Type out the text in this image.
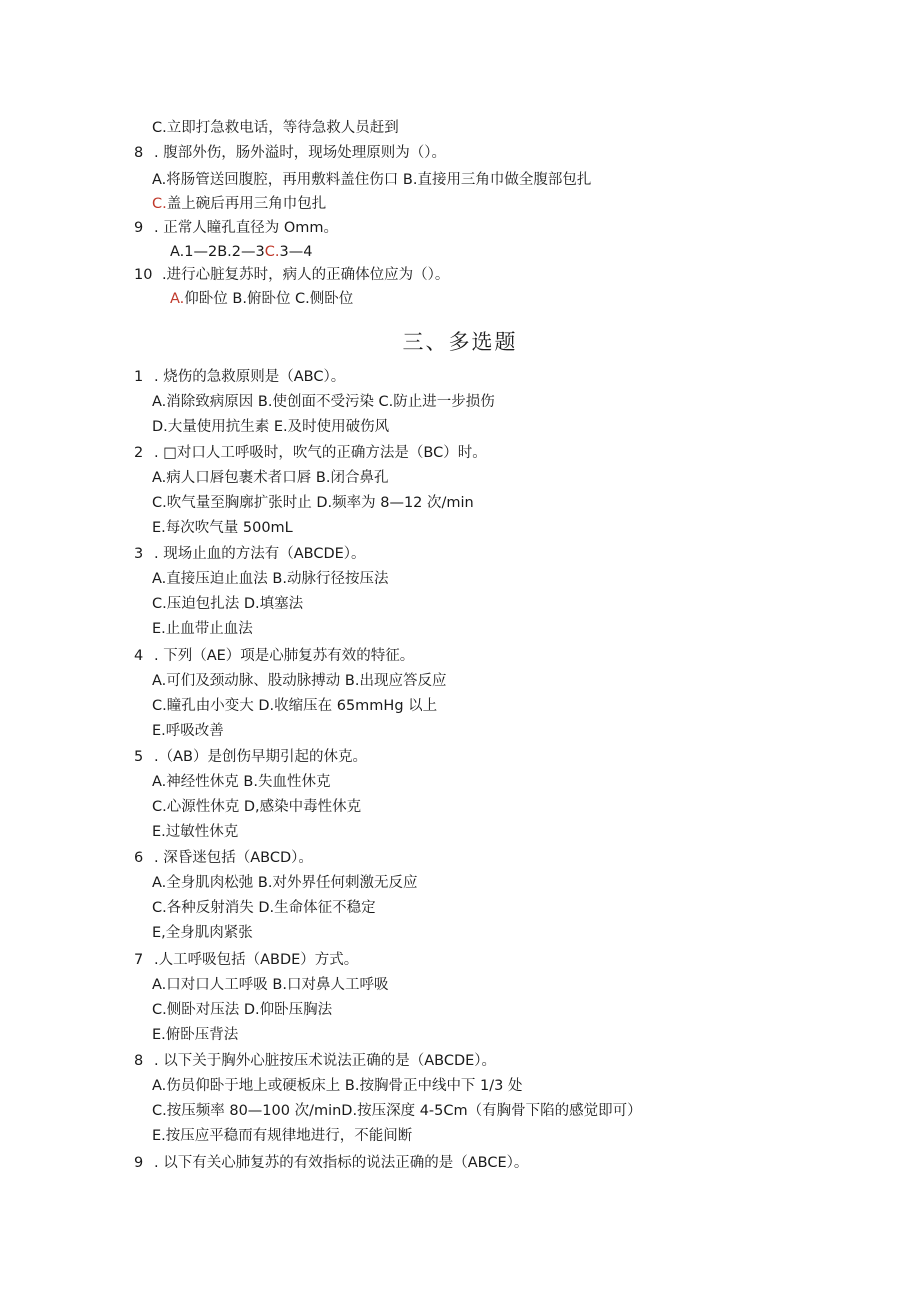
C.立即打急救电话，等待急救人员赶到
8 . 腹部外伤，肠外溢时，现场处理原则为（）。
A.将肠管送回腹腔，再用敷料盖住伤口 B.直接用三角巾做全腹部包扎
C.盖上碗后再用三角巾包扎
9 . 正常人瞳孔直径为 Omm。
A.1—2B.2—3C.3—4
10 .进行心脏复苏时，病人的正确体位应为（）。
A.仰卧位 B.俯卧位 C.侧卧位
三、多选题
1 . 烧伤的急救原则是（ABC）。
A.消除致病原因 B.使创面不受污染 C.防止进一步损伤
D.大量使用抗生素 E.及时使用破伤风
2 . □对口人工呼吸时，吹气的正确方法是（BC）时。
A.病人口唇包裹术者口唇 B.闭合鼻孔
C.吹气量至胸廓扩张时止 D.频率为 8—12 次/min
E.每次吹气量 500mL
3 . 现场止血的方法有（ABCDE）。
A.直接压迫止血法 B.动脉行径按压法
C.压迫包扎法 D.填塞法
E.止血带止血法
4 . 下列（AE）项是心肺复苏有效的特征。
A.可们及颈动脉、股动脉搏动 B.出现应答反应
C.瞳孔由小变大 D.收缩压在 65mmHg 以上
E.呼吸改善
5 .（AB）是创伤早期引起的休克。
A.神经性休克 B.失血性休克
C.心源性休克 D,感染中毒性休克
E.过敏性休克
6 . 深昏迷包括（ABCD）。
A.全身肌肉松弛 B.对外界任何刺激无反应
C.各种反射消失 D.生命体征不稳定
E,全身肌肉紧张
7 .人工呼吸包括（ABDE）方式。
A.口对口人工呼吸 B.口对鼻人工呼吸
C.侧卧对压法 D.仰卧压胸法
E.俯卧压背法
8 . 以下关于胸外心脏按压术说法正确的是（ABCDE）。
A.伤员仰卧于地上或硬板床上 B.按胸骨正中线中下 1/3 处
C.按压频率 80—100 次/minD.按压深度 4-5Cm（有胸骨下陷的感觉即可）
E.按压应平稳而有规律地进行，不能间断
9 . 以下有关心肺复苏的有效指标的说法正确的是（ABCE）。
